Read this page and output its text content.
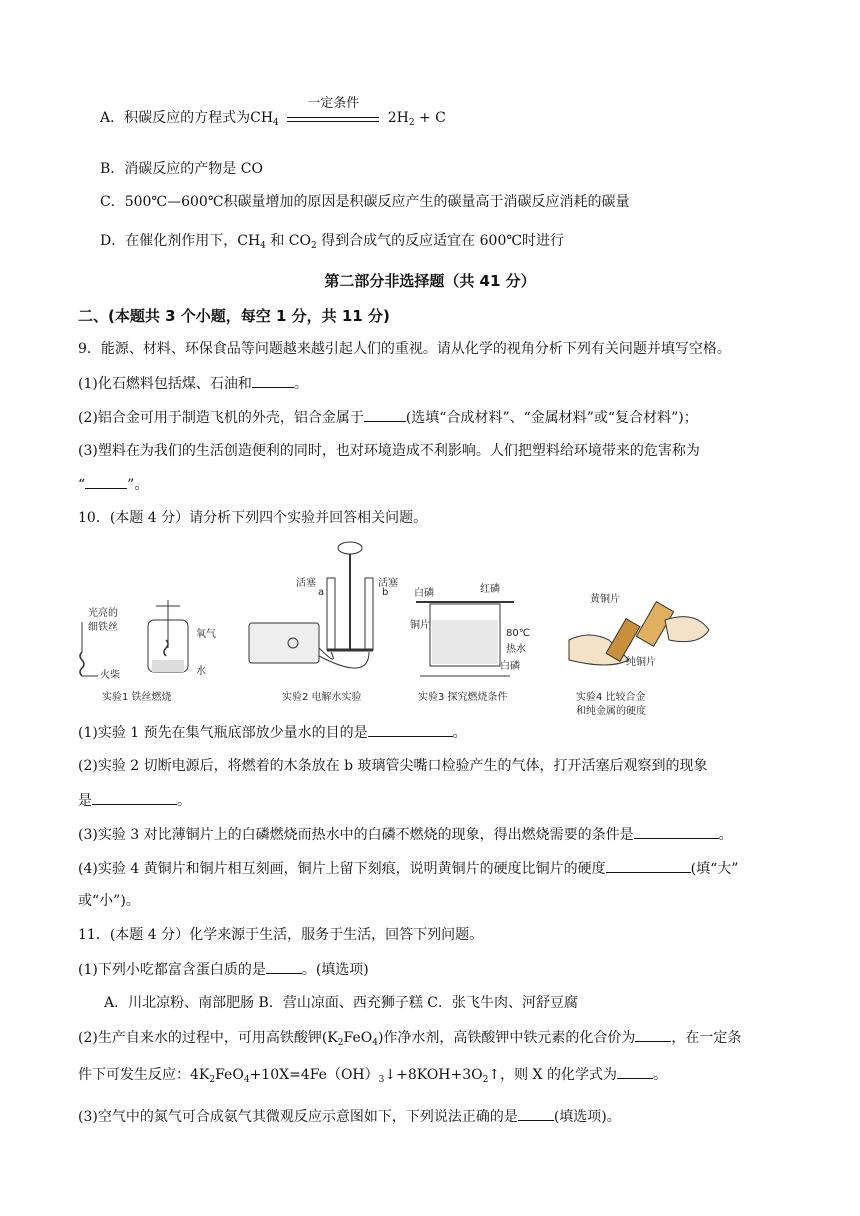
A．积碳反应的方程式为$CH_4$
一定条件
$2H_2 + C$
B．消碳反应的产物是 CO
C．500℃—600℃积碳量增加的原因是积碳反应产生的碳量高于消碳反应消耗的碳量
D．在催化剂作用下，$CH_4$ 和 $CO_2$ 得到合成气的反应适宜在 600℃时进行
第二部分非选择题（共 41 分）
二、(本题共 3 个小题，每空 1 分，共 11 分)
9．能源、材料、环保食品等问题越来越引起人们的重视。请从化学的视角分析下列有关问题并填写空格。
(1)化石燃料包括煤、石油和	。
(2)铝合金可用于制造飞机的外壳，铝合金属于	(选填“合成材料”、“金属材料”或“复合材料”)；
(3)塑料在为我们的生活创造便利的同时，也对环境造成不利影响。人们把塑料给环境带来的危害称为
“	”。
10．(本题 4 分）请分析下列四个实验并回答相关问题。
光亮的
细铁丝
火柴
氧气
水
实验1 铁丝燃烧
活塞	活塞
a	b
实验2 电解水实验
白磷	红磷
铜片
80℃
热水
白磷
实验3 探究燃烧条件
黄铜片
纯铜片
实验4 比较合金
和纯金属的硬度
(1)实验 1 预先在集气瓶底部放少量水的目的是	。
(2)实验 2 切断电源后，将燃着的木条放在 b 玻璃管尖嘴口检验产生的气体，打开活塞后观察到的现象
是	。
(3)实验 3 对比薄铜片上的白磷燃烧而热水中的白磷不燃烧的现象，得出燃烧需要的条件是	。
(4)实验 4 黄铜片和铜片相互刻画，铜片上留下刻痕，说明黄铜片的硬度比铜片的硬度	(填“大”
或“小”)。
11．(本题 4 分）化学来源于生活，服务于生活，回答下列问题。
(1)下列小吃都富含蛋白质的是	。(填选项)
A．川北凉粉、南部肥肠 B．营山凉面、西充狮子糕 C．张飞牛肉、河舒豆腐
(2)生产自来水的过程中，可用高铁酸钾$(K_2FeO_4)$作净水剂，高铁酸钾中铁元素的化合价为	，在一定条
件下可发生反应：$4K_2FeO_4+10X=4Fe(OH)_3↓+8KOH+3O_2↑$，则 X 的化学式为	。
(3)空气中的氮气可合成氨气其微观反应示意图如下，下列说法正确的是	(填选项)。
